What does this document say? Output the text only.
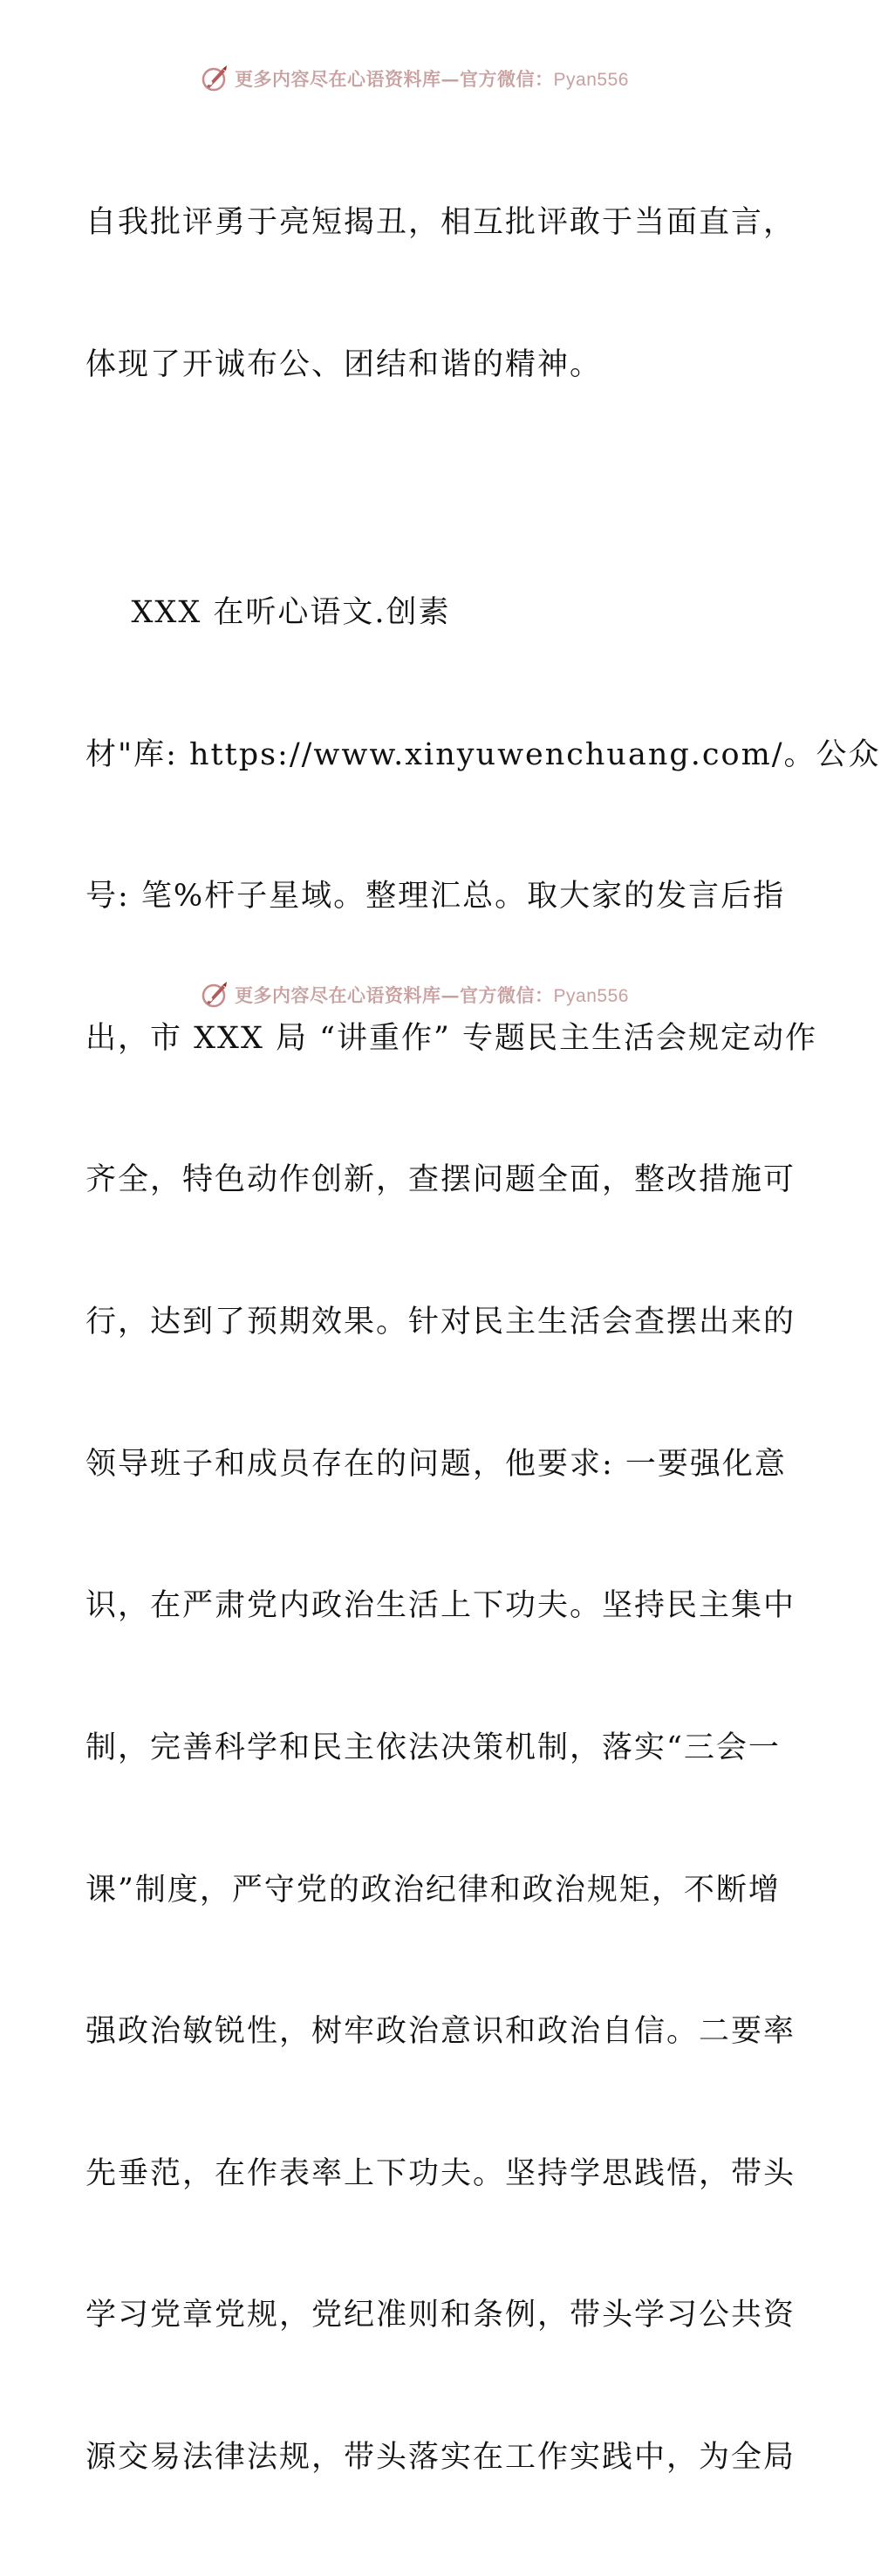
更多内容尽在心语资料库—官方微信：Pyan556

自我批评勇于亮短揭丑，相互批评敢于当面直言，

体现了开诚布公、团结和谐的精神。

XXX 在听心语文.创素

材"库: https://www.xinyuwenchuang.com/。公众

号: 笔%杆子星域。整理汇总。取大家的发言后指

出，市 XXX 局 “讲重作” 专题民主生活会规定动作

齐全，特色动作创新，查摆问题全面，整改措施可

行，达到了预期效果。针对民主生活会查摆出来的

领导班子和成员存在的问题，他要求: 一要强化意

识，在严肃党内政治生活上下功夫。坚持民主集中

制，完善科学和民主依法决策机制，落实“三会一

课”制度，严守党的政治纪律和政治规矩，不断增

强政治敏锐性，树牢政治意识和政治自信。二要率

先垂范，在作表率上下功夫。坚持学思践悟，带头

学习党章党规，党纪准则和条例，带头学习公共资

源交易法律法规，带头落实在工作实践中，为全局

更多内容尽在心语资料库—官方微信：Pyan556
